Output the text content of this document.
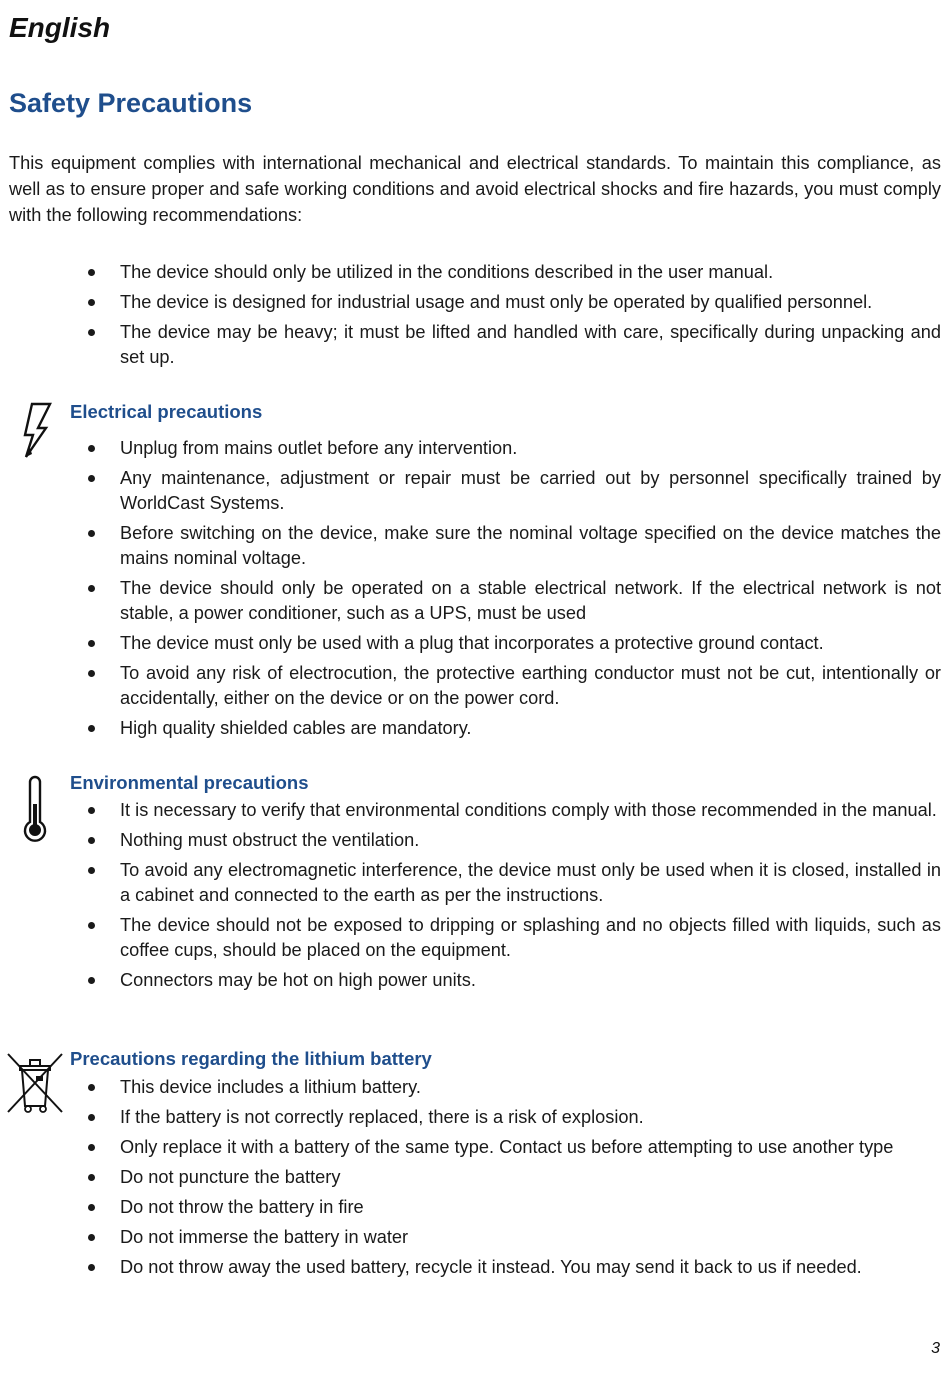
English
Safety Precautions
This equipment complies with international mechanical and electrical standards. To maintain this compliance, as well as to ensure proper and safe working conditions and avoid electrical shocks and fire hazards, you must comply with the following recommendations:
The device should only be utilized in the conditions described in the user manual.
The device is designed for industrial usage and must only be operated by qualified personnel.
The device may be heavy; it must be lifted and handled with care, specifically during unpacking and set up.
Electrical precautions
Unplug from mains outlet before any intervention.
Any maintenance, adjustment or repair must be carried out by personnel specifically trained by WorldCast Systems.
Before switching on the device, make sure the nominal voltage specified on the device matches the mains nominal voltage.
The device should only be operated on a stable electrical network. If the electrical network is not stable, a power conditioner, such as a UPS, must be used
The device must only be used with a plug that incorporates a protective ground contact.
To avoid any risk of electrocution, the protective earthing conductor must not be cut, intentionally or accidentally, either on the device or on the power cord.
High quality shielded cables are mandatory.
Environmental precautions
It is necessary to verify that environmental conditions comply with those recommended in the manual.
Nothing must obstruct the ventilation.
To avoid any electromagnetic interference, the device must only be used when it is closed, installed in a cabinet and connected to the earth as per the instructions.
The device should not be exposed to dripping or splashing and no objects filled with liquids, such as coffee cups, should be placed on the equipment.
Connectors may be hot on high power units.
Precautions regarding the lithium battery
This device includes a lithium battery.
If the battery is not correctly replaced, there is a risk of explosion.
Only replace it with a battery of the same type. Contact us before attempting to use another type
Do not puncture the battery
Do not throw the battery in fire
Do not immerse the battery in water
Do not throw away the used battery, recycle it instead. You may send it back to us if needed.
3
